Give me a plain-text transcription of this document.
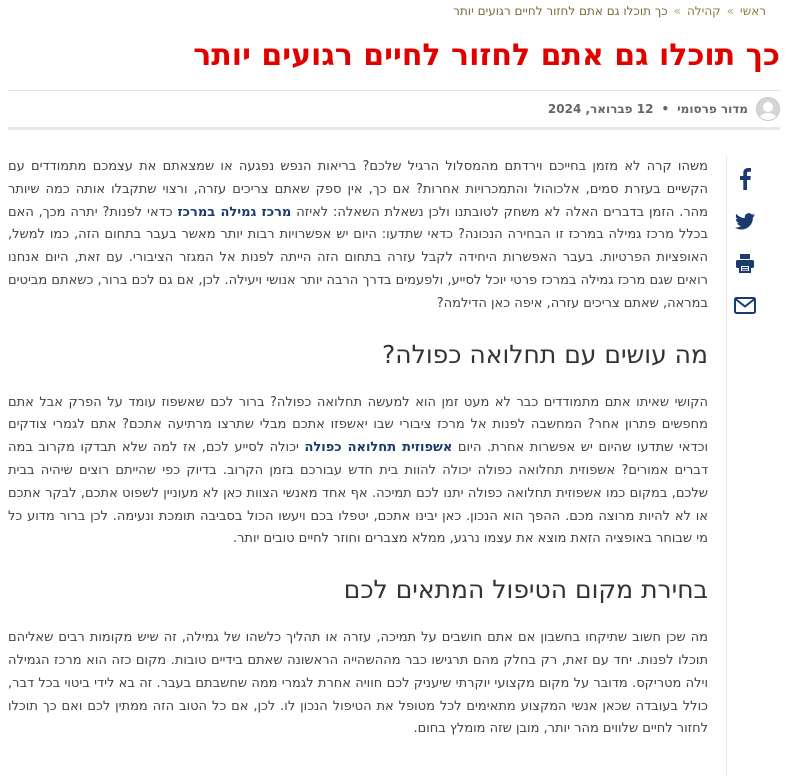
ראשי»קהילה»כך תוכלו גם אתם לחזור לחיים רגועים יותר
כך תוכלו גם אתם לחזור לחיים רגועים יותר
מדור פרסומי
•
12 פברואר, 2024

משהו קרה לא מזמן בחייכם וירדתם מהמסלול הרגיל שלכם? בריאות הנפש נפגעה או שמצאתם את עצמכם מתמודדים עם הקשיים בעזרת סמים, אלכוהול והתמכרויות אחרות? אם כך, אין ספק שאתם צריכים עזרה, ורצוי שתקבלו אותה כמה שיותר מהר. הזמן בדברים האלה לא משחק לטובתנו ולכן נשאלת השאלה: לאיזה מרכז גמילה במרכז כדאי לפנות? יתרה מכך, האם בכלל מרכז גמילה במרכז זו הבחירה הנכונה? כדאי שתדעו: היום יש אפשרויות רבות יותר מאשר בעבר בתחום הזה, כמו למשל, האופציות הפרטיות. בעבר האפשרות היחידה לקבל עזרה בתחום הזה הייתה לפנות אל המגזר הציבורי. עם זאת, היום אנחנו רואים שגם מרכז גמילה במרכז פרטי יוכל לסייע, ולפעמים בדרך הרבה יותר אנושי ויעילה. לכן, אם גם לכם ברור, כשאתם מביטים במראה, שאתם צריכים עזרה, איפה כאן הדילמה?

מה עושים עם תחלואה כפולה?

הקושי שאיתו אתם מתמודדים כבר לא מעט זמן הוא למעשה תחלואה כפולה? ברור לכם שאשפוז עומד על הפרק אבל אתם מחפשים פתרון אחר? המחשבה לפנות אל מרכז ציבורי שבו יאשפזו אתכם מבלי שתרצו מרתיעה אתכם? אתם לגמרי צודקים וכדאי שתדעו שהיום יש אפשרות אחרת. היום אשפוזית תחלואה כפולה יכולה לסייע לכם, אז למה שלא תבדקו מקרוב במה דברים אמורים? אשפוזית תחלואה כפולה יכולה להוות בית חדש עבורכם בזמן הקרוב. בדיוק כפי שהייתם רוצים שיהיה בבית שלכם, במקום כמו אשפוזית תחלואה כפולה יתנו לכם תמיכה. אף אחד מאנשי הצוות כאן לא מעוניין לשפוט אתכם, לבקר אתכם או לא להיות מרוצה מכם. ההפך הוא הנכון. כאן יבינו אתכם, יטפלו בכם ויעשו הכול בסביבה תומכת ונעימה. לכן ברור מדוע כל מי שבוחר באופציה הזאת מוצא את עצמו נרגע, ממלא מצברים וחוזר לחיים טובים יותר.

בחירת מקום הטיפול המתאים לכם

מה שכן חשוב שתיקחו בחשבון אם אתם חושבים על תמיכה, עזרה או תהליך כלשהו של גמילה, זה שיש מקומות רבים שאליהם תוכלו לפנות. יחד עם זאת, רק בחלק מהם תרגישו כבר מההשהייה הראשונה שאתם בידיים טובות. מקום כזה הוא מרכז הגמילה וילה מטריקס. מדובר על מקום מקצועי יוקרתי שיעניק לכם חוויה אחרת לגמרי ממה שחשבתם בעבר. זה בא לידי ביטוי בכל דבר, כולל בעובדה שכאן אנשי המקצוע מתאימים לכל מטופל את הטיפול הנכון לו. לכן, אם כל הטוב הזה ממתין לכם ואם כך תוכלו לחזור לחיים שלווים מהר יותר, מובן שזה מומלץ בחום.
